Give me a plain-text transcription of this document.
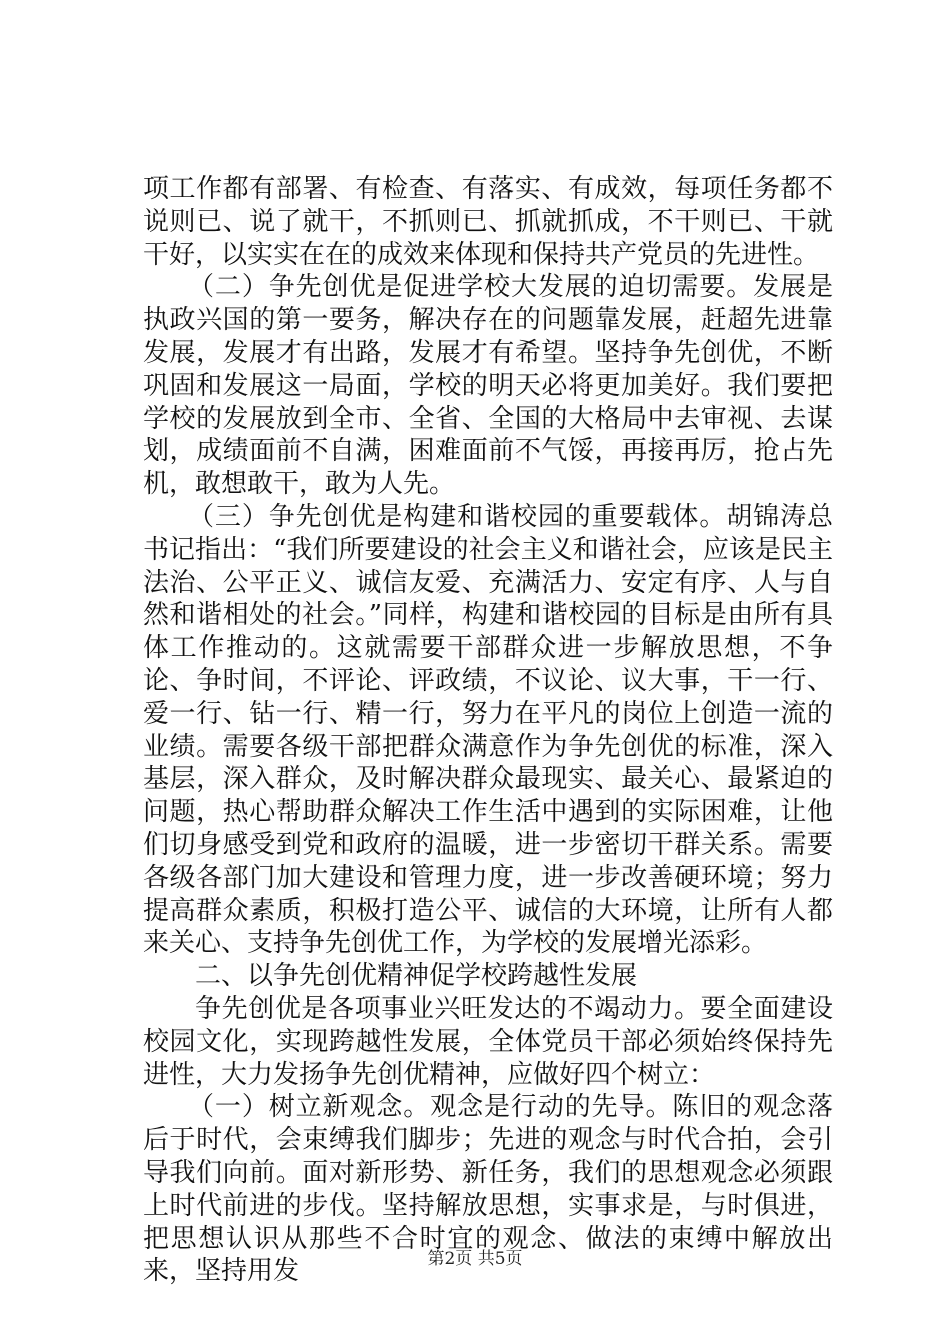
项工作都有部署、有检查、有落实、有成效，每项任务都不说则已、说了就干，不抓则已、抓就抓成，不干则已、干就干好，以实实在在的成效来体现和保持共产党员的先进性。

（二）争先创优是促进学校大发展的迫切需要。发展是执政兴国的第一要务，解决存在的问题靠发展，赶超先进靠发展，发展才有出路，发展才有希望。坚持争先创优，不断巩固和发展这一局面，学校的明天必将更加美好。我们要把学校的发展放到全市、全省、全国的大格局中去审视、去谋划，成绩面前不自满，困难面前不气馁，再接再厉，抢占先机，敢想敢干，敢为人先。

（三）争先创优是构建和谐校园的重要载体。胡锦涛总书记指出：“我们所要建设的社会主义和谐社会，应该是民主法治、公平正义、诚信友爱、充满活力、安定有序、人与自然和谐相处的社会。”同样，构建和谐校园的目标是由所有具体工作推动的。这就需要干部群众进一步解放思想，不争论、争时间，不评论、评政绩，不议论、议大事，干一行、爱一行、钻一行、精一行，努力在平凡的岗位上创造一流的业绩。需要各级干部把群众满意作为争先创优的标准，深入基层，深入群众，及时解决群众最现实、最关心、最紧迫的问题，热心帮助群众解决工作生活中遇到的实际困难，让他们切身感受到党和政府的温暖，进一步密切干群关系。需要各级各部门加大建设和管理力度，进一步改善硬环境；努力提高群众素质，积极打造公平、诚信的大环境，让所有人都来关心、支持争先创优工作，为学校的发展增光添彩。

二、以争先创优精神促学校跨越性发展

争先创优是各项事业兴旺发达的不竭动力。要全面建设校园文化，实现跨越性发展，全体党员干部必须始终保持先进性，大力发扬争先创优精神，应做好四个树立：

（一）树立新观念。观念是行动的先导。陈旧的观念落后于时代，会束缚我们脚步；先进的观念与时代合拍，会引导我们向前。面对新形势、新任务，我们的思想观念必须跟上时代前进的步伐。坚持解放思想，实事求是，与时俱进，把思想认识从那些不合时宜的观念、做法的束缚中解放出来，坚持用发	第2页 共5页
